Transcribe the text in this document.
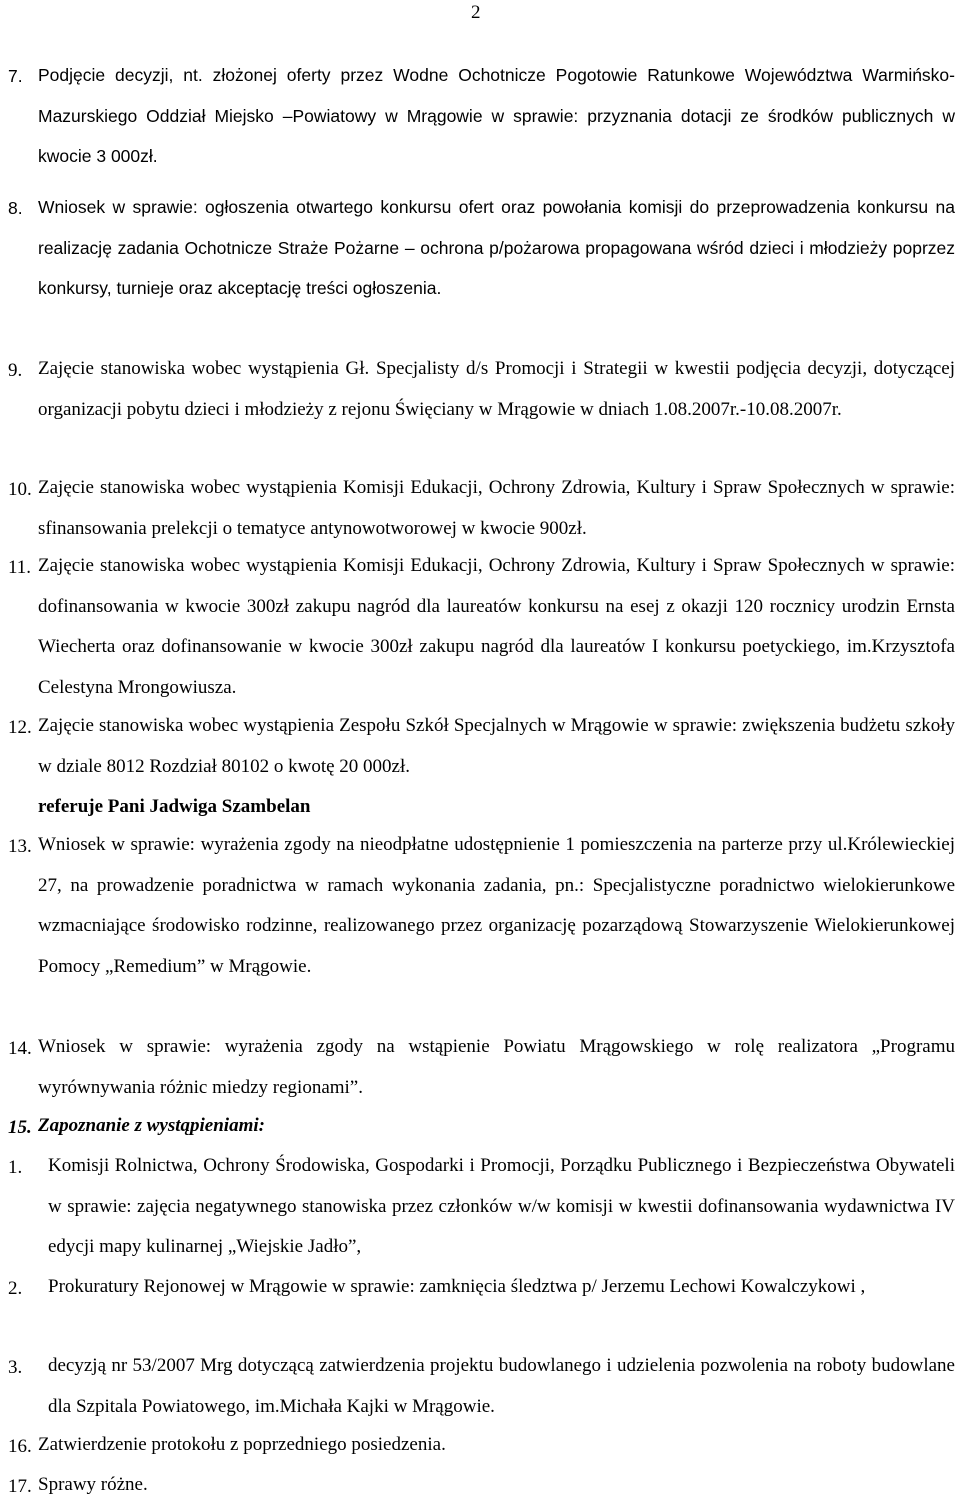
2
7. Podjęcie decyzji, nt. złożonej oferty przez Wodne Ochotnicze Pogotowie Ratunkowe Województwa Warmińsko-Mazurskiego Oddział Miejsko –Powiatowy w Mrągowie w sprawie: przyznania dotacji ze środków publicznych w kwocie 3 000zł.
8. Wniosek w sprawie: ogłoszenia otwartego konkursu ofert oraz powołania komisji do przeprowadzenia konkursu na realizację zadania Ochotnicze Straże Pożarne – ochrona p/pożarowa propagowana wśród dzieci i młodzieży poprzez konkursy, turnieje oraz akceptację treści ogłoszenia.
9. Zajęcie stanowiska wobec wystąpienia Gł. Specjalisty d/s Promocji i Strategii w kwestii podjęcia decyzji, dotyczącej organizacji pobytu dzieci i młodzieży z rejonu Święciany w Mrągowie w dniach 1.08.2007r.-10.08.2007r.
10. Zajęcie stanowiska wobec wystąpienia Komisji Edukacji, Ochrony Zdrowia, Kultury i Spraw Społecznych w sprawie: sfinansowania prelekcji o tematyce antynowotworowej w kwocie 900zł.
11. Zajęcie stanowiska wobec wystąpienia Komisji Edukacji, Ochrony Zdrowia, Kultury i Spraw Społecznych w sprawie: dofinansowania w kwocie 300zł zakupu nagród dla laureatów konkursu na esej z okazji 120 rocznicy urodzin Ernsta Wiecherta oraz dofinansowanie w kwocie 300zł zakupu nagród dla laureatów I konkursu poetyckiego, im.Krzysztofa Celestyna Mrongowiusza.
12. Zajęcie stanowiska wobec wystąpienia Zespołu Szkół Specjalnych w Mrągowie w sprawie: zwiększenia budżetu szkoły w dziale 8012 Rozdział 80102 o kwotę 20 000zł.
referuje Pani Jadwiga Szambelan
13. Wniosek w sprawie: wyrażenia zgody na nieodpłatne udostępnienie 1 pomieszczenia na parterze przy ul.Królewieckiej 27, na prowadzenie poradnictwa w ramach wykonania zadania, pn.: Specjalistyczne poradnictwo wielokierunkowe wzmacniające środowisko rodzinne, realizowanego przez organizację pozarządową Stowarzyszenie Wielokierunkowej Pomocy „Remedium” w Mrągowie.
14. Wniosek w sprawie: wyrażenia zgody na wstąpienie Powiatu Mrągowskiego w rolę realizatora „Programu wyrównywania różnic miedzy regionami”.
15. Zapoznanie z wystąpieniami:
1. Komisji Rolnictwa, Ochrony Środowiska, Gospodarki i Promocji, Porządku Publicznego i Bezpieczeństwa Obywateli w sprawie: zajęcia negatywnego stanowiska przez członków w/w komisji w kwestii dofinansowania wydawnictwa IV edycji mapy kulinarnej „Wiejskie Jadło”,
2. Prokuratury Rejonowej w Mrągowie w sprawie: zamknięcia śledztwa p/ Jerzemu Lechowi Kowalczykowi ,
3. decyzją nr 53/2007 Mrg dotyczącą zatwierdzenia projektu budowlanego i udzielenia pozwolenia na roboty budowlane dla Szpitala Powiatowego, im.Michała Kajki w Mrągowie.
16. Zatwierdzenie protokołu z poprzedniego posiedzenia.
17. Sprawy różne.
